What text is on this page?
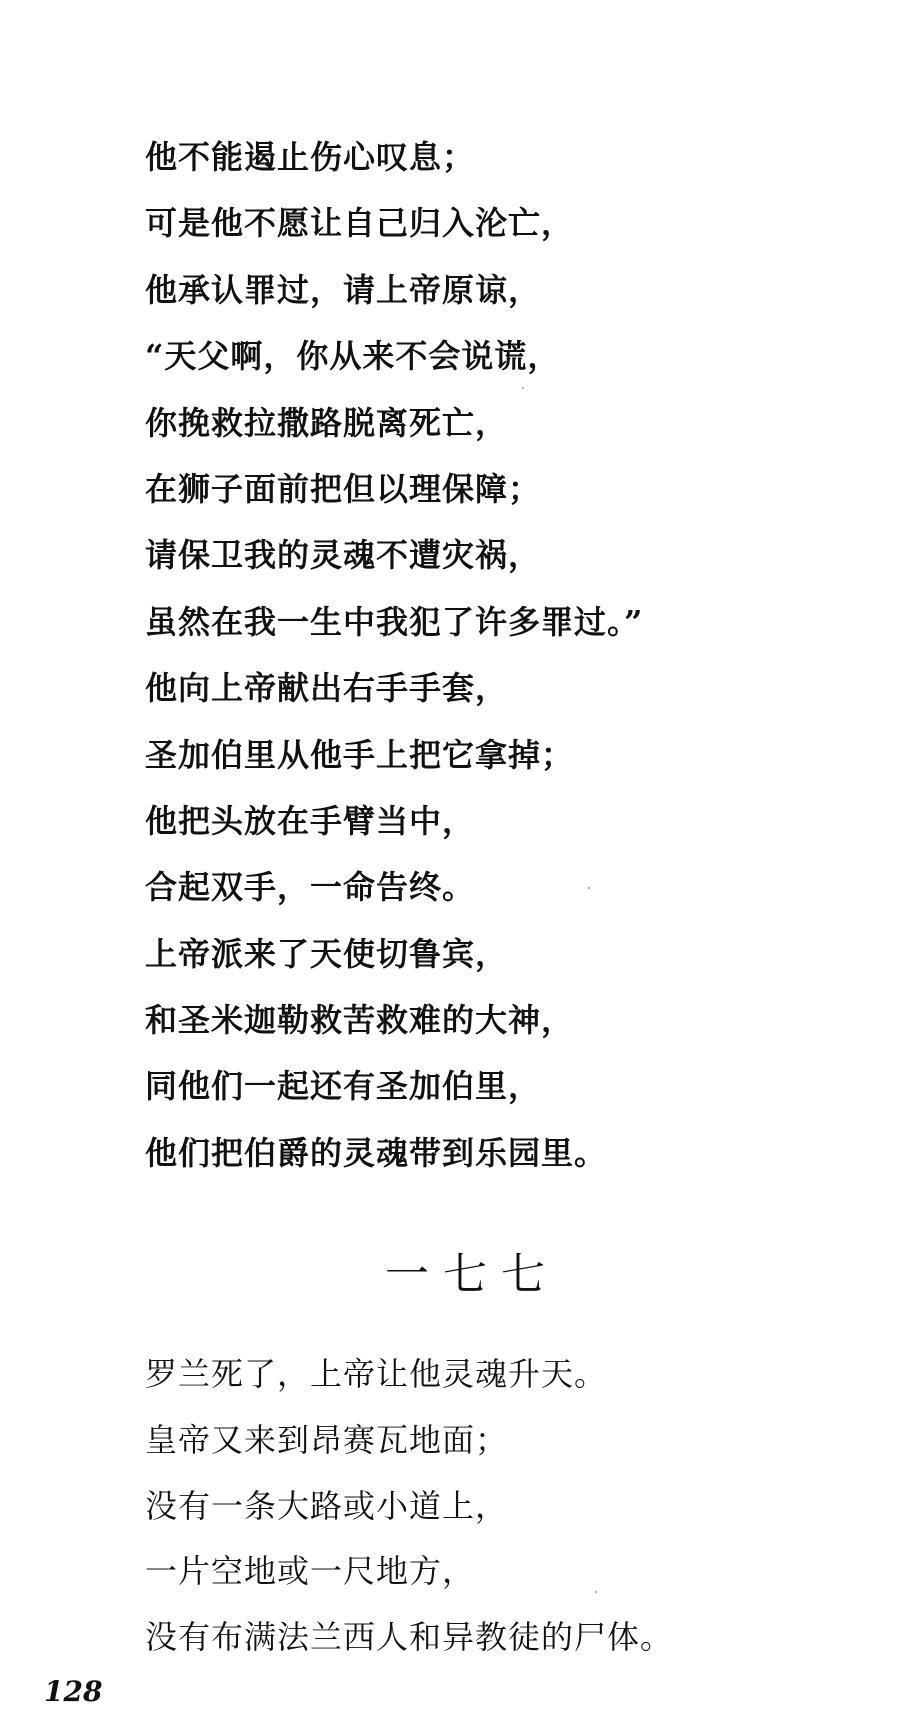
他不能遏止伤心叹息；
可是他不愿让自己归入沦亡，
他承认罪过，请上帝原谅，
“天父啊，你从来不会说谎，
你挽救拉撒路脱离死亡，
在狮子面前把但以理保障；
请保卫我的灵魂不遭灾祸，
虽然在我一生中我犯了许多罪过。”
他向上帝献出右手手套，
圣加伯里从他手上把它拿掉；
他把头放在手臂当中，
合起双手，一命告终。
上帝派来了天使切鲁宾，
和圣米迦勒救苦救难的大神，
同他们一起还有圣加伯里，
他们把伯爵的灵魂带到乐园里。
一七七
罗兰死了，上帝让他灵魂升天。
皇帝又来到昂赛瓦地面；
没有一条大路或小道上，
一片空地或一尺地方，
没有布满法兰西人和异教徒的尸体。
128
